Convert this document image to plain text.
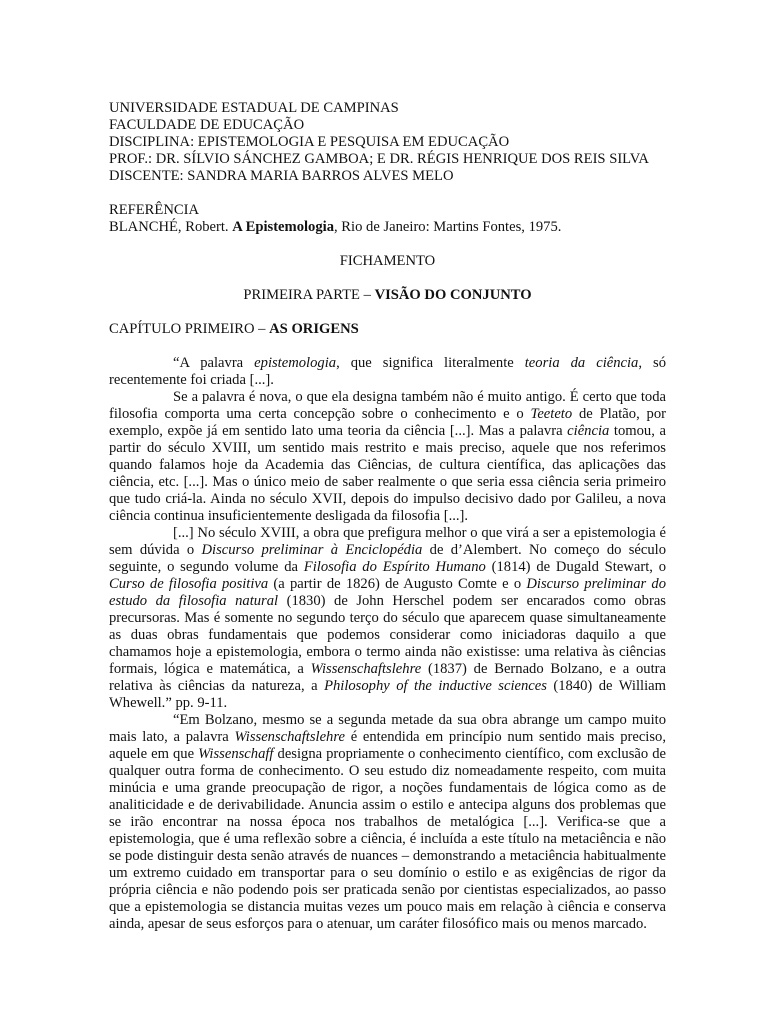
UNIVERSIDADE ESTADUAL DE CAMPINAS
FACULDADE DE EDUCAÇÃO
DISCIPLINA: EPISTEMOLOGIA E PESQUISA EM EDUCAÇÃO
PROF.: DR. SÍLVIO SÁNCHEZ GAMBOA; E DR. RÉGIS HENRIQUE DOS REIS SILVA
DISCENTE: SANDRA MARIA BARROS ALVES MELO
REFERÊNCIA
BLANCHÉ, Robert. A Epistemologia, Rio de Janeiro: Martins Fontes, 1975.
FICHAMENTO
PRIMEIRA PARTE – VISÃO DO CONJUNTO
CAPÍTULO PRIMEIRO – AS ORIGENS

“A palavra epistemologia, que significa literalmente teoria da ciência, só recentemente foi criada [...].

Se a palavra é nova, o que ela designa também não é muito antigo. É certo que toda filosofia comporta uma certa concepção sobre o conhecimento e o Teeteto de Platão, por exemplo, expõe já em sentido lato uma teoria da ciência [...]. Mas a palavra ciência tomou, a partir do século XVIII, um sentido mais restrito e mais preciso, aquele que nos referimos quando falamos hoje da Academia das Ciências, de cultura científica, das aplicações das ciência, etc. [...]. Mas o único meio de saber realmente o que seria essa ciência seria primeiro que tudo criá-la. Ainda no século XVII, depois do impulso decisivo dado por Galileu, a nova ciência continua insuficientemente desligada da filosofia [...].

[...] No século XVIII, a obra que prefigura melhor o que virá a ser a epistemologia é sem dúvida o Discurso preliminar à Enciclopédia de d’Alembert. No começo do século seguinte, o segundo volume da Filosofia do Espírito Humano (1814) de Dugald Stewart, o Curso de filosofia positiva (a partir de 1826) de Augusto Comte e o Discurso preliminar do estudo da filosofia natural (1830) de John Herschel podem ser encarados como obras precursoras. Mas é somente no segundo terço do século que aparecem quase simultaneamente as duas obras fundamentais que podemos considerar como iniciadoras daquilo a que chamamos hoje a epistemologia, embora o termo ainda não existisse: uma relativa às ciências formais, lógica e matemática, a Wissenschaftslehre (1837) de Bernado Bolzano, e a outra relativa às ciências da natureza, a Philosophy of the inductive sciences (1840) de William Whewell.” pp. 9-11.

“Em Bolzano, mesmo se a segunda metade da sua obra abrange um campo muito mais lato, a palavra Wissenschaftslehre é entendida em princípio num sentido mais preciso, aquele em que Wissenschaff designa propriamente o conhecimento científico, com exclusão de qualquer outra forma de conhecimento. O seu estudo diz nomeadamente respeito, com muita minúcia e uma grande preocupação de rigor, a noções fundamentais de lógica como as de analiticidade e de derivabilidade. Anuncia assim o estilo e antecipa alguns dos problemas que se irão encontrar na nossa época nos trabalhos de metalógica [...]. Verifica-se que a epistemologia, que é uma reflexão sobre a ciência, é incluída a este título na metaciência e não se pode distinguir desta senão através de nuances – demonstrando a metaciência habitualmente um extremo cuidado em transportar para o seu domínio o estilo e as exigências de rigor da própria ciência e não podendo pois ser praticada senão por cientistas especializados, ao passo que a epistemologia se distancia muitas vezes um pouco mais em relação à ciência e conserva ainda, apesar de seus esforços para o atenuar, um caráter filosófico mais ou menos marcado.
